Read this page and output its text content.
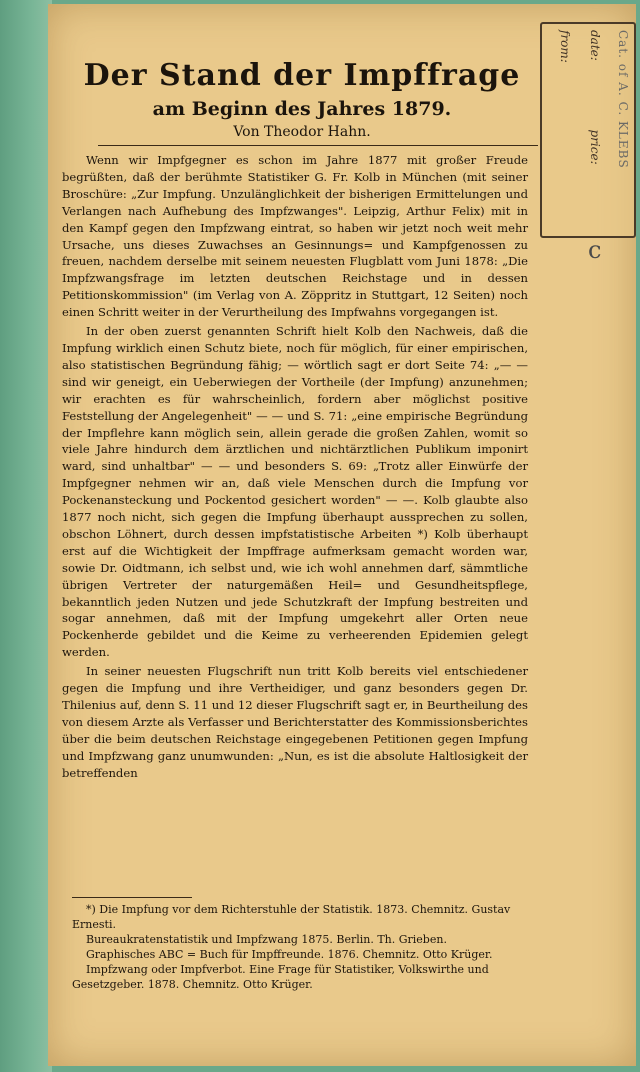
from:	date:                  price:	Cat. of A. C. KLEBS
c
Der Stand der Impffrage
am Beginn des Jahres 1879.
Von Theodor Hahn.

Wenn wir Impfgegner es schon im Jahre 1877 mit großer Freude begrüßten, daß der berühmte Statistiker G. Fr. Kolb in München (mit seiner Broschüre: „Zur Impfung. Unzulänglichkeit der bisherigen Ermittelungen und Verlangen nach Aufhebung des Impfzwanges". Leipzig, Arthur Felix) mit in den Kampf gegen den Impfzwang eintrat, so haben wir jetzt noch weit mehr Ursache, uns dieses Zuwachses an Gesinnungs= und Kampfgenossen zu freuen, nachdem derselbe mit seinem neuesten Flugblatt vom Juni 1878: „Die Impfzwangsfrage im letzten deutschen Reichstage und in dessen Petitionskommission" (im Verlag von A. Zöppritz in Stuttgart, 12 Seiten) noch einen Schritt weiter in der Verurtheilung des Impfwahns vorgegangen ist.

In der oben zuerst genannten Schrift hielt Kolb den Nachweis, daß die Impfung wirklich einen Schutz biete, noch für möglich, für einer empirischen, also statistischen Begründung fähig; — wörtlich sagt er dort Seite 74: „— — sind wir geneigt, ein Ueberwiegen der Vortheile (der Impfung) anzunehmen; wir erachten es für wahrscheinlich, fordern aber möglichst positive Feststellung der Angelegenheit" — — und S. 71: „eine empirische Begründung der Impflehre kann möglich sein, allein gerade die großen Zahlen, womit so viele Jahre hindurch dem ärztlichen und nichtärztlichen Publikum imponirt ward, sind unhaltbar" — — und besonders S. 69: „Trotz aller Einwürfe der Impfgegner nehmen wir an, daß viele Menschen durch die Impfung vor Pockenansteckung und Pockentod gesichert worden" — —. Kolb glaubte also 1877 noch nicht, sich gegen die Impfung überhaupt aussprechen zu sollen, obschon Löhnert, durch dessen impfstatistische Arbeiten *) Kolb überhaupt erst auf die Wichtigkeit der Impffrage aufmerksam gemacht worden war, sowie Dr. Oidtmann, ich selbst und, wie ich wohl annehmen darf, sämmtliche übrigen Vertreter der naturgemäßen Heil= und Gesundheitspflege, bekanntlich jeden Nutzen und jede Schutzkraft der Impfung bestreiten und sogar annehmen, daß mit der Impfung umgekehrt aller Orten neue Pockenherde gebildet und die Keime zu verheerenden Epidemien gelegt werden.

In seiner neuesten Flugschrift nun tritt Kolb bereits viel entschiedener gegen die Impfung und ihre Vertheidiger, und ganz besonders gegen Dr. Thilenius auf, denn S. 11 und 12 dieser Flugschrift sagt er, in Beurtheilung des von diesem Arzte als Verfasser und Berichterstatter des Kommissionsberichtes über die beim deutschen Reichstage eingegebenen Petitionen gegen Impfung und Impfzwang ganz unumwunden: „Nun, es ist die absolute Haltlosigkeit der betreffenden

*) Die Impfung vor dem Richterstuhle der Statistik. 1873. Chemnitz. Gustav Ernesti.

Bureaukratenstatistik und Impfzwang 1875. Berlin. Th. Grieben.

Graphisches ABC = Buch für Impffreunde. 1876. Chemnitz. Otto Krüger.

Impfzwang oder Impfverbot. Eine Frage für Statistiker, Volkswirthe und Gesetzgeber. 1878. Chemnitz. Otto Krüger.
